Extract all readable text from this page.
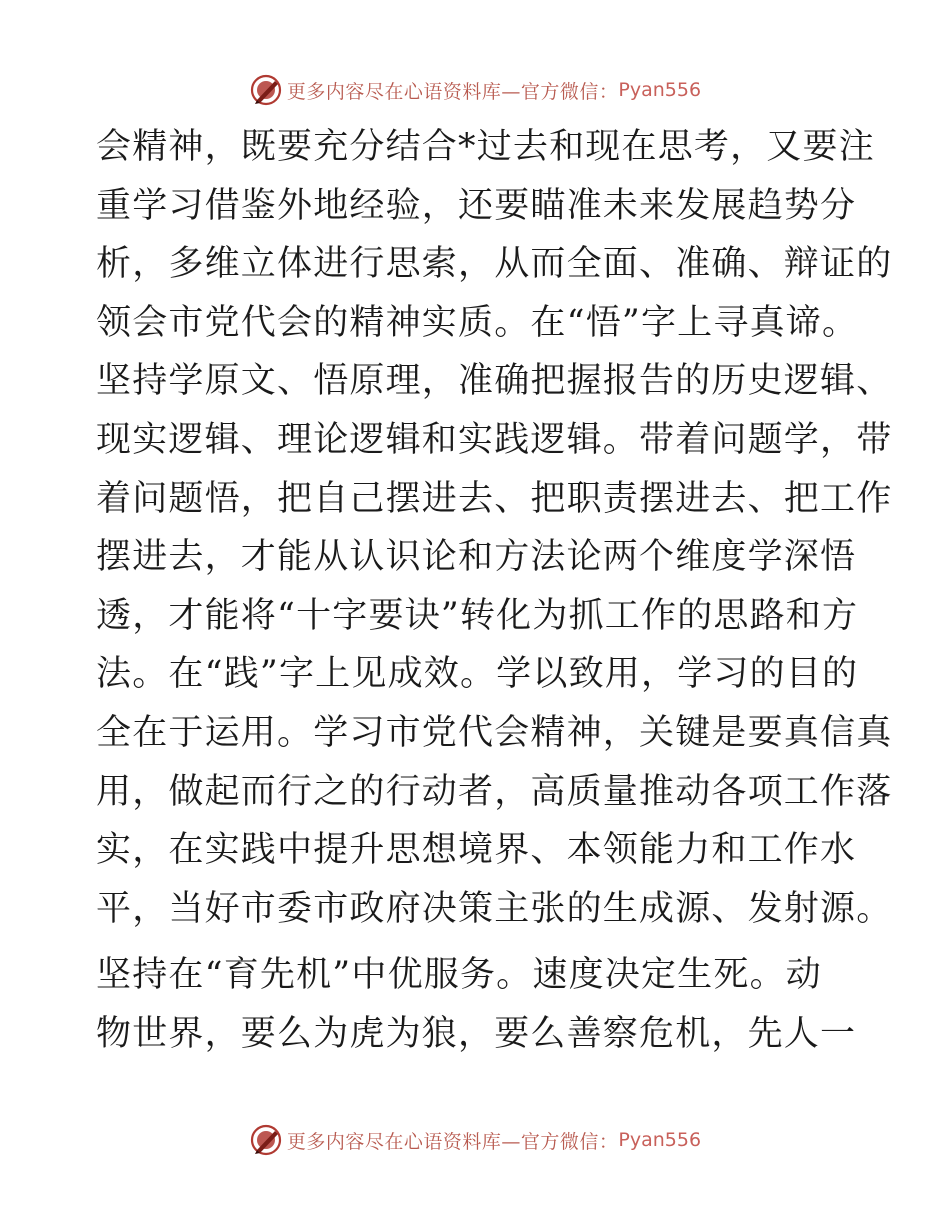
更多内容尽在心语资料库—官方微信： Pyan556
会精神，既要充分结合*过去和现在思考，又要注
重学习借鉴外地经验，还要瞄准未来发展趋势分
析，多维立体进行思索，从而全面、准确、辩证的
领会市党代会的精神实质。在“悟”字上寻真谛。
坚持学原文、悟原理，准确把握报告的历史逻辑、
现实逻辑、理论逻辑和实践逻辑。带着问题学，带
着问题悟，把自己摆进去、把职责摆进去、把工作
摆进去，才能从认识论和方法论两个维度学深悟
透，才能将“十字要诀”转化为抓工作的思路和方
法。在“践”字上见成效。学以致用，学习的目的
全在于运用。学习市党代会精神，关键是要真信真
用，做起而行之的行动者，高质量推动各项工作落
实，在实践中提升思想境界、本领能力和工作水
平，当好市委市政府决策主张的生成源、发射源。
坚持在“育先机”中优服务。速度决定生死。动
物世界，要么为虎为狼，要么善察危机，先人一
更多内容尽在心语资料库—官方微信： Pyan556
